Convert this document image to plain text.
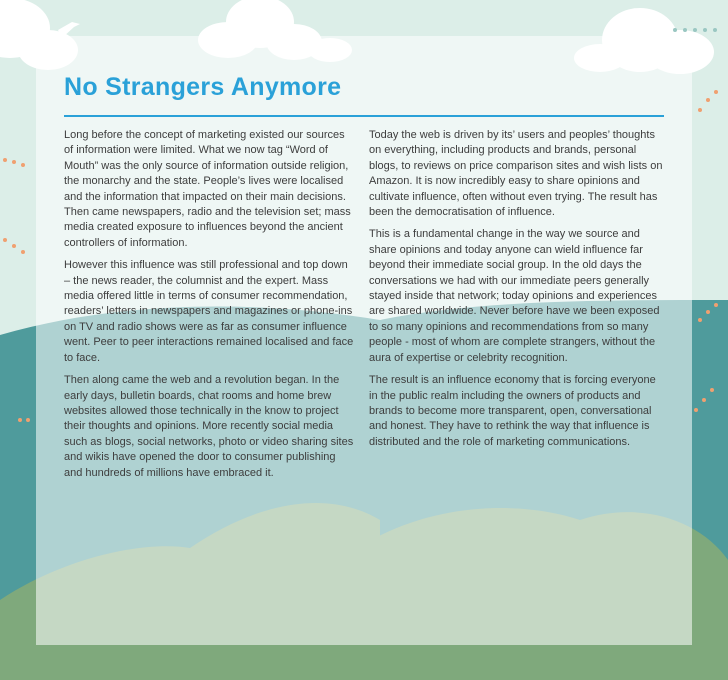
No Strangers Anymore

Long before the concept of marketing existed our sources of information were limited. What we now tag “Word of Mouth” was the only source of information outside religion, the monarchy and the state. People’s lives were localised and the information that impacted on their main decisions. Then came newspapers, radio and the television set; mass media created exposure to influences beyond the ancient controllers of information.

However this influence was still professional and top down – the news reader, the columnist and the expert. Mass media offered little in terms of consumer recommendation, readers’ letters in newspapers and magazines or phone-ins on TV and radio shows were as far as consumer influence went. Peer to peer interactions remained localised and face to face.

Then along came the web and a revolution began. In the early days, bulletin boards, chat rooms and home brew websites allowed those technically in the know to project their thoughts and opinions. More recently social media such as blogs, social networks, photo or video sharing sites and wikis have opened the door to consumer publishing and hundreds of millions have embraced it.

Today the web is driven by its’ users and peoples’ thoughts on everything, including products and brands, personal blogs, to reviews on price comparison sites and wish lists on Amazon. It is now incredibly easy to share opinions and cultivate influence, often without even trying. The result has been the democratisation of influence.

This is a fundamental change in the way we source and share opinions and today anyone can wield influence far beyond their immediate social group. In the old days the conversations we had with our immediate peers generally stayed inside that network; today opinions and experiences are shared worldwide. Never before have we been exposed to so many opinions and recommendations from so many people - most of whom are complete strangers, without the aura of expertise or celebrity recognition.

The result is an influence economy that is forcing everyone in the public realm including the owners of products and brands to become more transparent, open, conversational and honest. They have to rethink the way that influence is distributed and the role of marketing communications.
